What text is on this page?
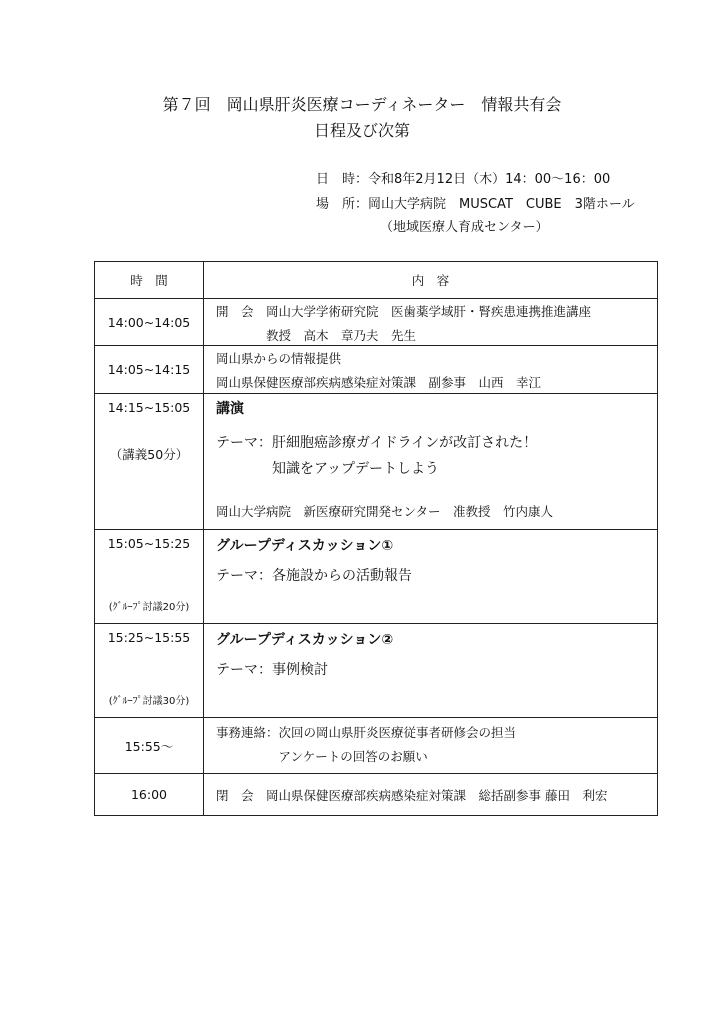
第７回　岡山県肝炎医療コーディネーター　情報共有会
日程及び次第
日　時：令和8年2月12日（木）14：00～16：00
場　所：岡山大学病院　MUSCAT　CUBE　3階ホール
（地域医療人育成センター）
時　間	内　容
14:00~14:05	開　会　岡山大学学術研究院　医歯薬学域肝・腎疾患連携推進講座
　　　　教授　高木　章乃夫　先生

14:05~14:15	岡山県からの情報提供
岡山県保健医療部疾病感染症対策課　副参事　山西　幸江

14:15~15:05
（講義50分）	講演
テーマ：肝細胞癌診療ガイドラインが改訂された！
　　　　知識をアップデートしよう
岡山大学病院　新医療研究開発センター　准教授　竹内康人

15:05~15:25
(ｸﾞﾙｰﾌﾟ討議20分)	グループディスカッション①
テーマ：各施設からの活動報告

15:25~15:55
(ｸﾞﾙｰﾌﾟ討議30分)	グループディスカッション②
テーマ：事例検討

15:55～	事務連絡：次回の岡山県肝炎医療従事者研修会の担当
　　　　　アンケートの回答のお願い

16:00	閉　会　岡山県保健医療部疾病感染症対策課　総括副参事 藤田　利宏
